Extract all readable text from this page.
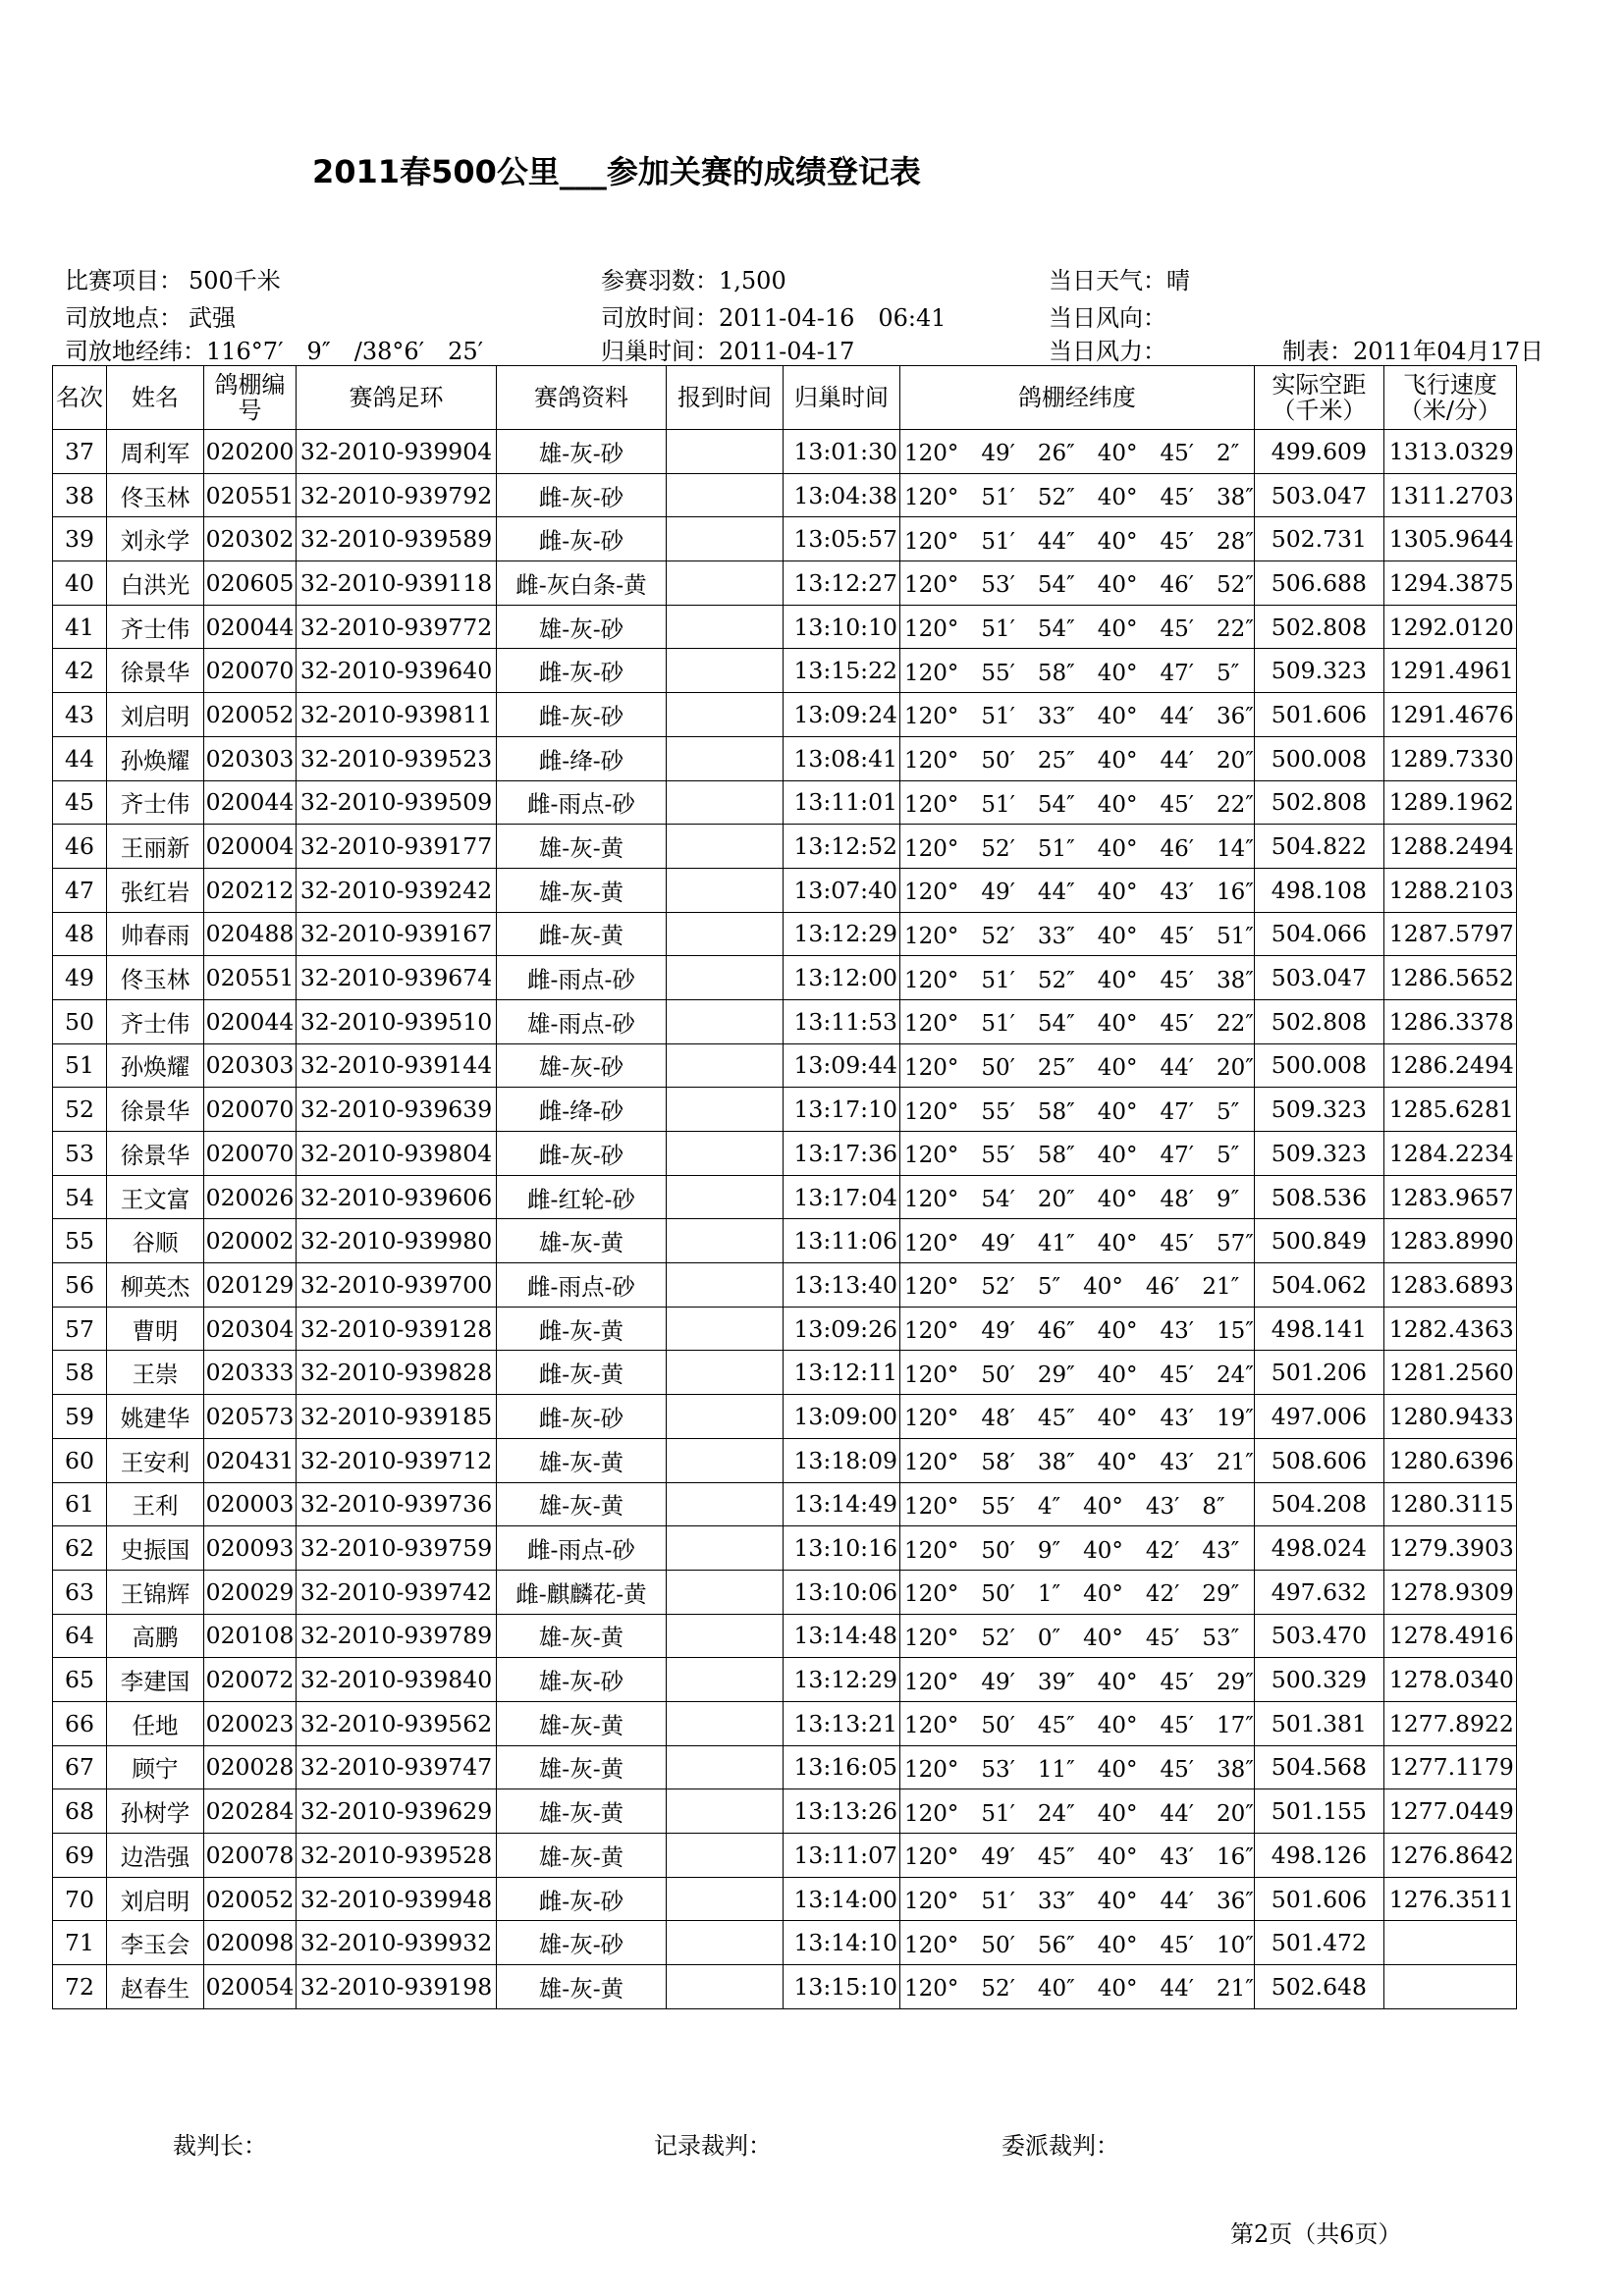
2011春500公里___参加关赛的成绩登记表
比赛项目： 500千米	参赛羽数：1,500	当日天气：晴
司放地点： 武强	司放时间：2011-04-16　06:41	当日风向：
司放地经纬：116°7′　9″　/38°6′　25′	归巢时间：2011-04-17	当日风力：	制表：2011年04月17日
名次	姓名	鸽棚编号	赛鸽足环	赛鸽资料	报到时间	归巢时间	鸽棚经纬度	实际空距（千米）	飞行速度（米/分）
37	周利军	020200	32-2010-939904	雄-灰-砂		13:01:30	120°　49′　26″　40°　45′　2″	499.609	1313.0329
38	佟玉林	020551	32-2010-939792	雌-灰-砂		13:04:38	120°　51′　52″　40°　45′　38″	503.047	1311.2703
39	刘永学	020302	32-2010-939589	雌-灰-砂		13:05:57	120°　51′　44″　40°　45′　28″	502.731	1305.9644
40	白洪光	020605	32-2010-939118	雌-灰白条-黄		13:12:27	120°　53′　54″　40°　46′　52″	506.688	1294.3875
41	齐士伟	020044	32-2010-939772	雄-灰-砂		13:10:10	120°　51′　54″　40°　45′　22″	502.808	1292.0120
42	徐景华	020070	32-2010-939640	雌-灰-砂		13:15:22	120°　55′　58″　40°　47′　5″	509.323	1291.4961
43	刘启明	020052	32-2010-939811	雌-灰-砂		13:09:24	120°　51′　33″　40°　44′　36″	501.606	1291.4676
44	孙焕耀	020303	32-2010-939523	雌-绛-砂		13:08:41	120°　50′　25″　40°　44′　20″	500.008	1289.7330
45	齐士伟	020044	32-2010-939509	雌-雨点-砂		13:11:01	120°　51′　54″　40°　45′　22″	502.808	1289.1962
46	王丽新	020004	32-2010-939177	雄-灰-黄		13:12:52	120°　52′　51″　40°　46′　14″	504.822	1288.2494
47	张红岩	020212	32-2010-939242	雄-灰-黄		13:07:40	120°　49′　44″　40°　43′　16″	498.108	1288.2103
48	帅春雨	020488	32-2010-939167	雌-灰-黄		13:12:29	120°　52′　33″　40°　45′　51″	504.066	1287.5797
49	佟玉林	020551	32-2010-939674	雌-雨点-砂		13:12:00	120°　51′　52″　40°　45′　38″	503.047	1286.5652
50	齐士伟	020044	32-2010-939510	雄-雨点-砂		13:11:53	120°　51′　54″　40°　45′　22″	502.808	1286.3378
51	孙焕耀	020303	32-2010-939144	雄-灰-砂		13:09:44	120°　50′　25″　40°　44′　20″	500.008	1286.2494
52	徐景华	020070	32-2010-939639	雌-绛-砂		13:17:10	120°　55′　58″　40°　47′　5″	509.323	1285.6281
53	徐景华	020070	32-2010-939804	雌-灰-砂		13:17:36	120°　55′　58″　40°　47′　5″	509.323	1284.2234
54	王文富	020026	32-2010-939606	雌-红轮-砂		13:17:04	120°　54′　20″　40°　48′　9″	508.536	1283.9657
55	谷顺	020002	32-2010-939980	雄-灰-黄		13:11:06	120°　49′　41″　40°　45′　57″	500.849	1283.8990
56	柳英杰	020129	32-2010-939700	雌-雨点-砂		13:13:40	120°　52′　5″　40°　46′　21″	504.062	1283.6893
57	曹明	020304	32-2010-939128	雌-灰-黄		13:09:26	120°　49′　46″　40°　43′　15″	498.141	1282.4363
58	王崇	020333	32-2010-939828	雌-灰-黄		13:12:11	120°　50′　29″　40°　45′　24″	501.206	1281.2560
59	姚建华	020573	32-2010-939185	雌-灰-砂		13:09:00	120°　48′　45″　40°　43′　19″	497.006	1280.9433
60	王安利	020431	32-2010-939712	雄-灰-黄		13:18:09	120°　58′　38″　40°　43′　21″	508.606	1280.6396
61	王利	020003	32-2010-939736	雄-灰-黄		13:14:49	120°　55′　4″　40°　43′　8″	504.208	1280.3115
62	史振国	020093	32-2010-939759	雌-雨点-砂		13:10:16	120°　50′　9″　40°　42′　43″	498.024	1279.3903
63	王锦辉	020029	32-2010-939742	雌-麒麟花-黄		13:10:06	120°　50′　1″　40°　42′　29″	497.632	1278.9309
64	高鹏	020108	32-2010-939789	雄-灰-黄		13:14:48	120°　52′　0″　40°　45′　53″	503.470	1278.4916
65	李建国	020072	32-2010-939840	雄-灰-砂		13:12:29	120°　49′　39″　40°　45′　29″	500.329	1278.0340
66	任地	020023	32-2010-939562	雄-灰-黄		13:13:21	120°　50′　45″　40°　45′　17″	501.381	1277.8922
67	顾宁	020028	32-2010-939747	雄-灰-黄		13:16:05	120°　53′　11″　40°　45′　38″	504.568	1277.1179
68	孙树学	020284	32-2010-939629	雄-灰-黄		13:13:26	120°　51′　24″　40°　44′　20″	501.155	1277.0449
69	边浩强	020078	32-2010-939528	雄-灰-黄		13:11:07	120°　49′　45″　40°　43′　16″	498.126	1276.8642
70	刘启明	020052	32-2010-939948	雌-灰-砂		13:14:00	120°　51′　33″　40°　44′　36″	501.606	1276.3511
71	李玉会	020098	32-2010-939932	雄-灰-砂		13:14:10	120°　50′　56″　40°　45′　10″	501.472	
72	赵春生	020054	32-2010-939198	雄-灰-黄		13:15:10	120°　52′　40″　40°　44′　21″	502.648	
裁判长：	记录裁判：	委派裁判：
第2页（共6页）
